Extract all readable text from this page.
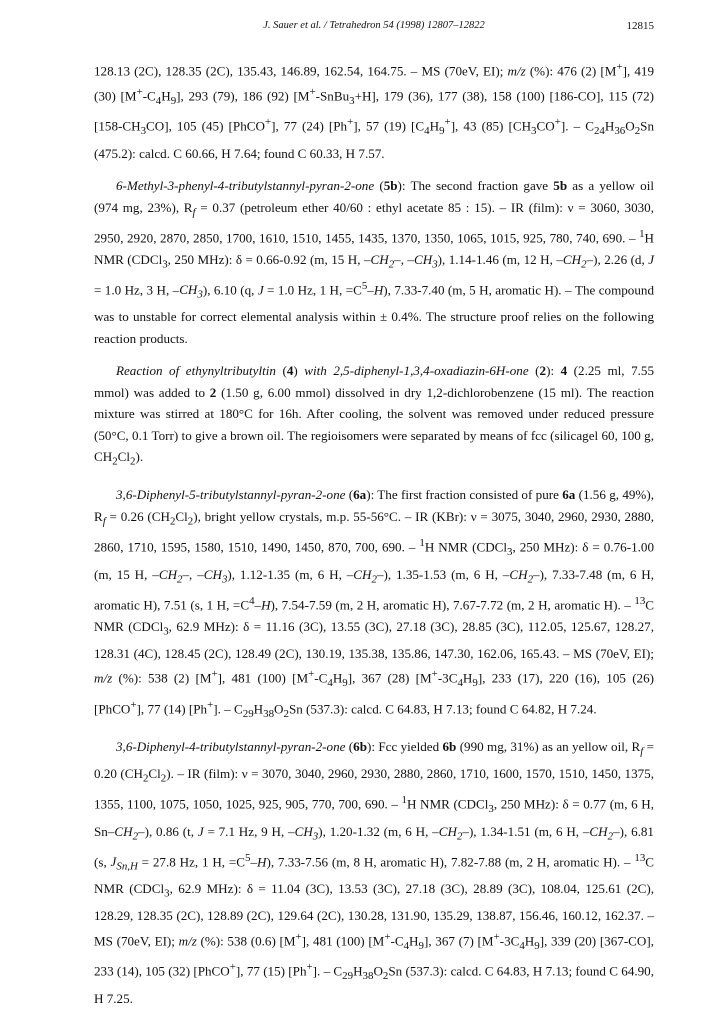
J. Sauer et al. / Tetrahedron 54 (1998) 12807–12822	12815

128.13 (2C), 128.35 (2C), 135.43, 146.89, 162.54, 164.75. – MS (70eV, EI); m/z (%): 476 (2) [M+], 419 (30) $[M^+-C_4H_9]$, 293 (79), 186 (92) [M+-SnBu$_3$+H], 179 (36), 177 (38), 158 (100) [186-CO], 115 (72) $[158-CH_3CO]$, 105 (45) [PhCO+], 77 (24) [Ph+], 57 (19) $[C_4H_9^+]$, 43 (85) $[CH_3CO^+]$. – $C_{24}H_{36}O_2Sn$ (475.2): calcd. C 60.66, H 7.64; found C 60.33, H 7.57.

6-Methyl-3-phenyl-4-tributylstannyl-pyran-2-one (5b): The second fraction gave 5b as a yellow oil (974 mg, 23%), $R_f = 0.37$ (petroleum ether 40/60 : ethyl acetate 85 : 15). – IR (film): ν = 3060, 3030, 2950, 2920, 2870, 2850, 1700, 1610, 1510, 1455, 1435, 1370, 1350, 1065, 1015, 925, 780, 740, 690. – $^1$H NMR (CDCl$_3$, 250 MHz): δ = 0.66-0.92 (m, 15 H, $-CH_2-$, $-CH_3$), 1.14-1.46 (m, 12 H, $-CH_2-$), 2.26 (d, J = 1.0 Hz, 3 H, $-CH_3$), 6.10 (q, J = 1.0 Hz, 1 H, $=C^5-H$), 7.33-7.40 (m, 5 H, aromatic H). – The compound was to unstable for correct elemental analysis within ± 0.4%. The structure proof relies on the following reaction products.

Reaction of ethynyltributyltin (4) with 2,5-diphenyl-1,3,4-oxadiazin-6H-one (2): 4 (2.25 ml, 7.55 mmol) was added to 2 (1.50 g, 6.00 mmol) dissolved in dry 1,2-dichlorobenzene (15 ml). The reaction mixture was stirred at 180°C for 16h. After cooling, the solvent was removed under reduced pressure (50°C, 0.1 Torr) to give a brown oil. The regioisomers were separated by means of fcc (silicagel 60, 100 g, $CH_2Cl_2$).

3,6-Diphenyl-5-tributylstannyl-pyran-2-one (6a): The first fraction consisted of pure 6a (1.56 g, 49%), $R_f = 0.26$ $(CH_2Cl_2)$, bright yellow crystals, m.p. 55-56°C. – IR (KBr): ν = 3075, 3040, 2960, 2930, 2880, 2860, 1710, 1595, 1580, 1510, 1490, 1450, 870, 700, 690. – $^1$H NMR (CDCl$_3$, 250 MHz): δ = 0.76-1.00 (m, 15 H, $-CH_2-$, $-CH_3$), 1.12-1.35 (m, 6 H, $-CH_2-$), 1.35-1.53 (m, 6 H, $-CH_2-$), 7.33-7.48 (m, 6 H, aromatic H), 7.51 (s, 1 H, $=C^4-H$), 7.54-7.59 (m, 2 H, aromatic H), 7.67-7.72 (m, 2 H, aromatic H). – $^{13}$C NMR (CDCl$_3$, 62.9 MHz): δ = 11.16 (3C), 13.55 (3C), 27.18 (3C), 28.85 (3C), 112.05, 125.67, 128.27, 128.31 (4C), 128.45 (2C), 128.49 (2C), 130.19, 135.38, 135.86, 147.30, 162.06, 165.43. – MS (70eV, EI); m/z (%): 538 (2) [M+], 481 (100) $[M^+-C_4H_9]$, 367 (28) $[M^+-3C_4H_9]$, 233 (17), 220 (16), 105 (26) [PhCO+], 77 (14) [Ph+]. – $C_{29}H_{38}O_2Sn$ (537.3): calcd. C 64.83, H 7.13; found C 64.82, H 7.24.

3,6-Diphenyl-4-tributylstannyl-pyran-2-one (6b): Fcc yielded 6b (990 mg, 31%) as an yellow oil, $R_f = 0.20$ $(CH_2Cl_2)$. – IR (film): ν = 3070, 3040, 2960, 2930, 2880, 2860, 1710, 1600, 1570, 1510, 1450, 1375, 1355, 1100, 1075, 1050, 1025, 925, 905, 770, 700, 690. – $^1$H NMR (CDCl$_3$, 250 MHz): δ = 0.77 (m, 6 H, $Sn-CH_2-$), 0.86 (t, J = 7.1 Hz, 9 H, $-CH_3$), 1.20-1.32 (m, 6 H, $-CH_2-$), 1.34-1.51 (m, 6 H, $-CH_2-$), 6.81 (s, $J_{Sn,H} = 27.8$ Hz, 1 H, $=C^5-H$), 7.33-7.56 (m, 8 H, aromatic H), 7.82-7.88 (m, 2 H, aromatic H). – $^{13}$C NMR (CDCl$_3$, 62.9 MHz): δ = 11.04 (3C), 13.53 (3C), 27.18 (3C), 28.89 (3C), 108.04, 125.61 (2C), 128.29, 128.35 (2C), 128.89 (2C), 129.64 (2C), 130.28, 131.90, 135.29, 138.87, 156.46, 160.12, 162.37. – MS (70eV, EI); m/z (%): 538 (0.6) [M+], 481 (100) $[M^+-C_4H_9]$, 367 (7) $[M^+-3C_4H_9]$, 339 (20) [367-CO], 233 (14), 105 (32) [PhCO+], 77 (15) [Ph+]. – $C_{29}H_{38}O_2Sn$ (537.3): calcd. C 64.83, H 7.13; found C 64.90, H 7.25.
